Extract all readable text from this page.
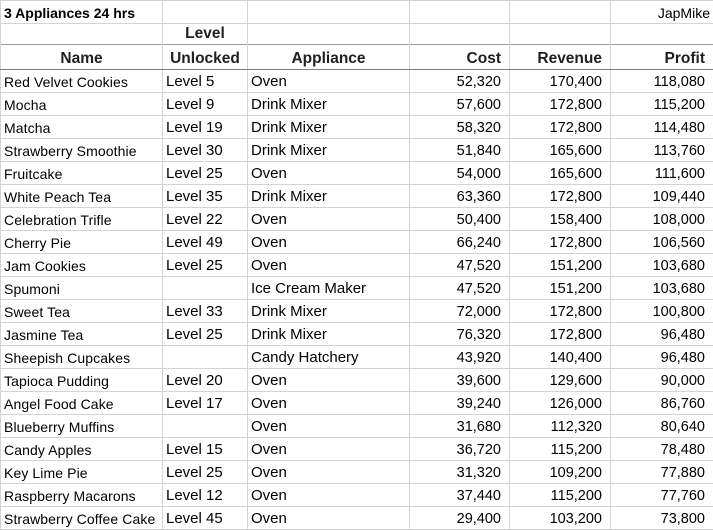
3 Appliances 24 hrs					JapMike
	Level				
Name	Unlocked	Appliance	Cost	Revenue	Profit
Red Velvet Cookies	Level 5	Oven	52,320	170,400	118,080
Mocha	Level 9	Drink Mixer	57,600	172,800	115,200
Matcha	Level 19	Drink Mixer	58,320	172,800	114,480
Strawberry Smoothie	Level 30	Drink Mixer	51,840	165,600	113,760
Fruitcake	Level 25	Oven	54,000	165,600	111,600
White Peach Tea	Level 35	Drink Mixer	63,360	172,800	109,440
Celebration Trifle	Level 22	Oven	50,400	158,400	108,000
Cherry Pie	Level 49	Oven	66,240	172,800	106,560
Jam Cookies	Level 25	Oven	47,520	151,200	103,680
Spumoni		Ice Cream Maker	47,520	151,200	103,680
Sweet Tea	Level 33	Drink Mixer	72,000	172,800	100,800
Jasmine Tea	Level 25	Drink Mixer	76,320	172,800	96,480
Sheepish Cupcakes		Candy Hatchery	43,920	140,400	96,480
Tapioca Pudding	Level 20	Oven	39,600	129,600	90,000
Angel Food Cake	Level 17	Oven	39,240	126,000	86,760
Blueberry Muffins		Oven	31,680	112,320	80,640
Candy Apples	Level 15	Oven	36,720	115,200	78,480
Key Lime Pie	Level 25	Oven	31,320	109,200	77,880
Raspberry Macarons	Level 12	Oven	37,440	115,200	77,760
Strawberry Coffee Cake	Level 45	Oven	29,400	103,200	73,800
